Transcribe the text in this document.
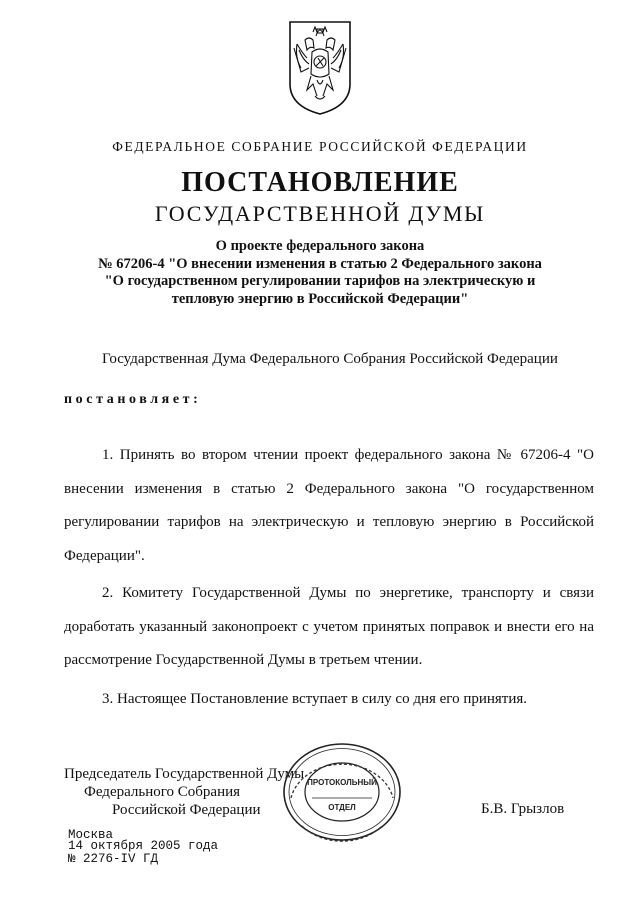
ФЕДЕРАЛЬНОЕ СОБРАНИЕ РОССИЙСКОЙ ФЕДЕРАЦИИ
ПОСТАНОВЛЕНИЕ
ГОСУДАРСТВЕННОЙ ДУМЫ
О проекте федерального закона
№ 67206-4 "О внесении изменения в статью 2 Федерального закона
"О государственном регулировании тарифов на электрическую и
тепловую энергию в Российской Федерации"
Государственная Дума Федерального Собрания Российской Федерации
постановляет:
1. Принять во втором чтении проект федерального закона № 67206-4 "О внесении изменения в статью 2 Федерального закона "О государственном регулировании тарифов на электрическую и тепловую энергию в Российской Федерации".
2. Комитету Государственной Думы по энергетике, транспорту и связи доработать указанный законопроект с учетом принятых поправок и внести его на рассмотрение Государственной Думы в третьем чтении.
3. Настоящее Постановление вступает в силу со дня его принятия.
Председатель Государственной Думы
Федерального Собрания
Российской Федерации	Б.В. Грызлов
ПРОТОКОЛЬНЫЙ
ОТДЕЛ
Москва
14 октября 2005 года
№ 2276-IV ГД
